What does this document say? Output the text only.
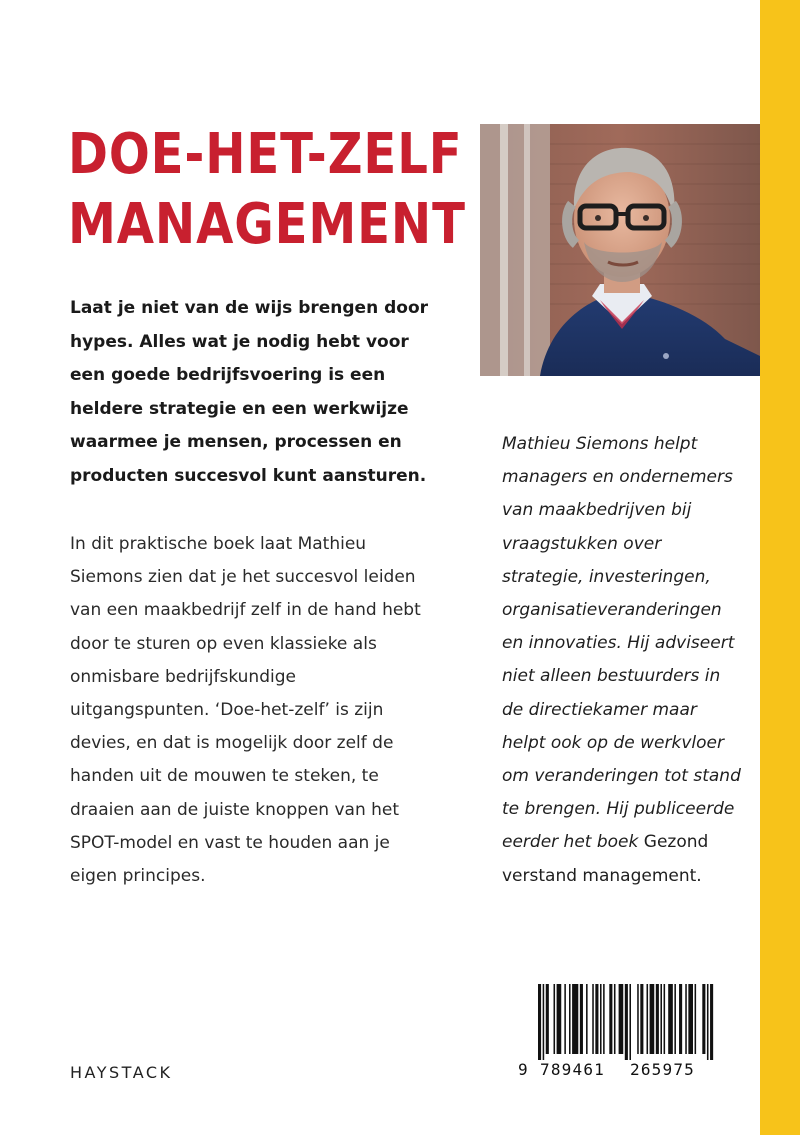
DOE-HET-ZELF
MANAGEMENT

Laat je niet van de wijs brengen door hypes. Alles wat je nodig hebt voor een goede bedrijfsvoering is een heldere strategie en een werkwijze waarmee je mensen, processen en producten succesvol kunt aansturen.

In dit praktische boek laat Mathieu Siemons zien dat je het succesvol leiden van een maakbedrijf zelf in de hand hebt door te sturen op even klassieke als onmisbare bedrijfskundige uitgangspunten. ‘Doe-het-zelf’ is zijn devies, en dat is mogelijk door zelf de handen uit de mouwen te steken, te draaien aan de juiste knoppen van het SPOT-model en vast te houden aan je eigen principes.

Mathieu Siemons helpt managers en ondernemers van maakbedrijven bij vraagstukken over strategie, investeringen, organisatieveranderingen en innovaties. Hij adviseert niet alleen bestuurders in de directiekamer maar helpt ook op de werkvloer om veranderingen tot stand te brengen. Hij publiceerde eerder het boek Gezond verstand management.

9 789461 265975

HAYSTACK
